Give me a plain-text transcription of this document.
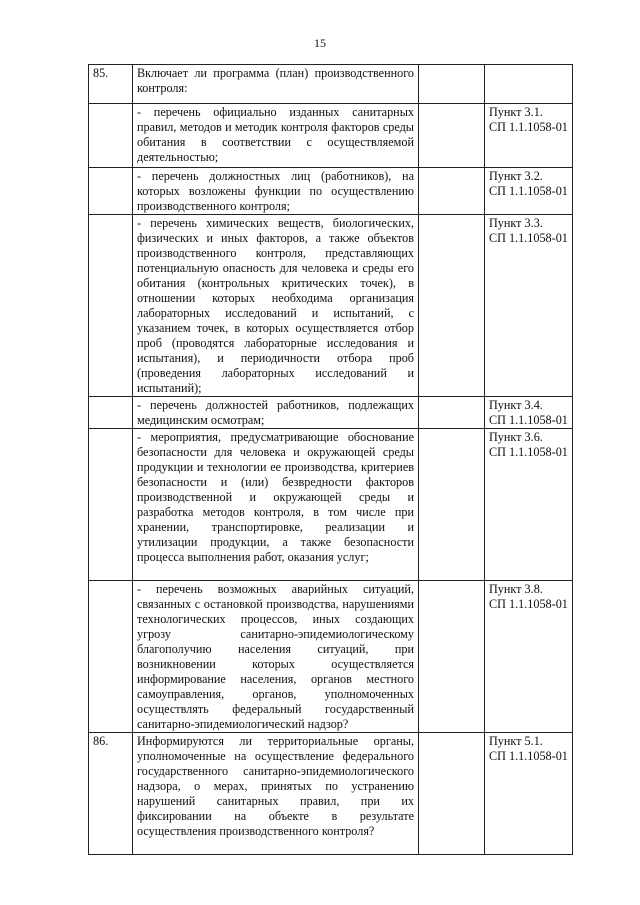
15
85.	Включает ли программа (план) производственного контроля:		

	- перечень официально изданных санитарных правил, методов и методик контроля факторов среды обитания в соответствии с осуществляемой деятельностью;		Пункт 3.1.
СП 1.1.1058-01

	- перечень должностных лиц (работников), на которых возложены функции по осуществлению производственного контроля;		Пункт 3.2.
СП 1.1.1058-01

	- перечень химических веществ, биологических, физических и иных факторов, а также объектов производственного контроля, представляющих потенциальную опасность для человека и среды его обитания (контрольных критических точек), в отношении которых необходима организация лабораторных исследований и испытаний, с указанием точек, в которых осуществляется отбор проб (проводятся лабораторные исследования и испытания), и периодичности отбора проб (проведения лабораторных исследований и испытаний);		Пункт 3.3.
СП 1.1.1058-01

	- перечень должностей работников, подлежащих медицинским осмотрам;		Пункт 3.4.
СП 1.1.1058-01

	- мероприятия, предусматривающие обоснование безопасности для человека и окружающей среды продукции и технологии ее производства, критериев безопасности и (или) безвредности факторов производственной и окружающей среды и разработка методов контроля, в том числе при хранении, транспортировке, реализации и утилизации продукции, а также безопасности процесса выполнения работ, оказания услуг;		Пункт 3.6.
СП 1.1.1058-01

	- перечень возможных аварийных ситуаций, связанных с остановкой производства, нарушениями технологических процессов, иных создающих угрозу санитарно-эпидемиологическому благополучию населения ситуаций, при возникновении которых осуществляется информирование населения, органов местного самоуправления, органов, уполномоченных осуществлять федеральный государственный санитарно-эпидемиологический надзор?		Пункт 3.8.
СП 1.1.1058-01

86.	Информируются ли территориальные органы, уполномоченные на осуществление федерального государственного санитарно-эпидемиологического надзора, о мерах, принятых по устранению нарушений санитарных правил, при их фиксировании на объекте в результате осуществления производственного контроля?		Пункт 5.1.
СП 1.1.1058-01
